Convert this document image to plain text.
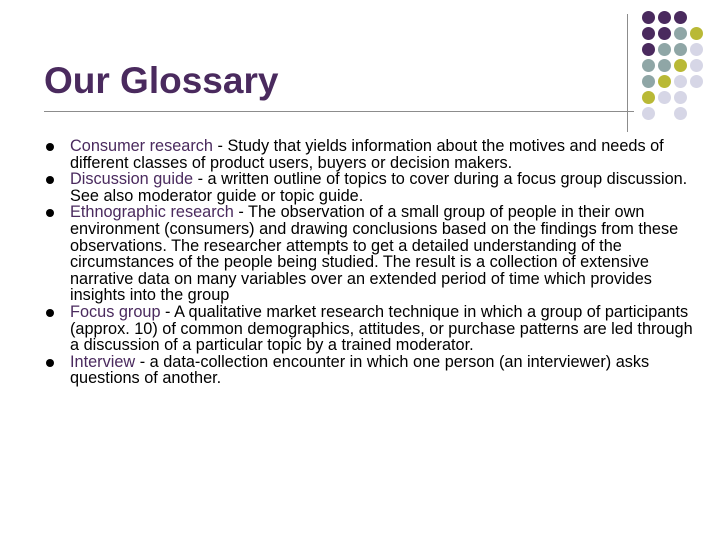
Our Glossary
Consumer research - Study that yields information about the motives and needs of different classes of product users, buyers or decision makers.
Discussion guide - a written outline of topics to cover during a focus group discussion. See also moderator guide or topic guide.
Ethnographic research - The observation of a small group of people in their own environment (consumers) and drawing conclusions based on the findings from these observations. The researcher attempts to get a detailed understanding of the circumstances of the people being studied. The result is a collection of extensive narrative data on many variables over an extended period of time which provides insights into the group
Focus group - A qualitative market research technique in which a group of participants (approx. 10) of common demographics, attitudes, or purchase patterns are led through a discussion of a particular topic by a trained moderator.
Interview - a data-collection encounter in which one person (an interviewer) asks questions of another.
